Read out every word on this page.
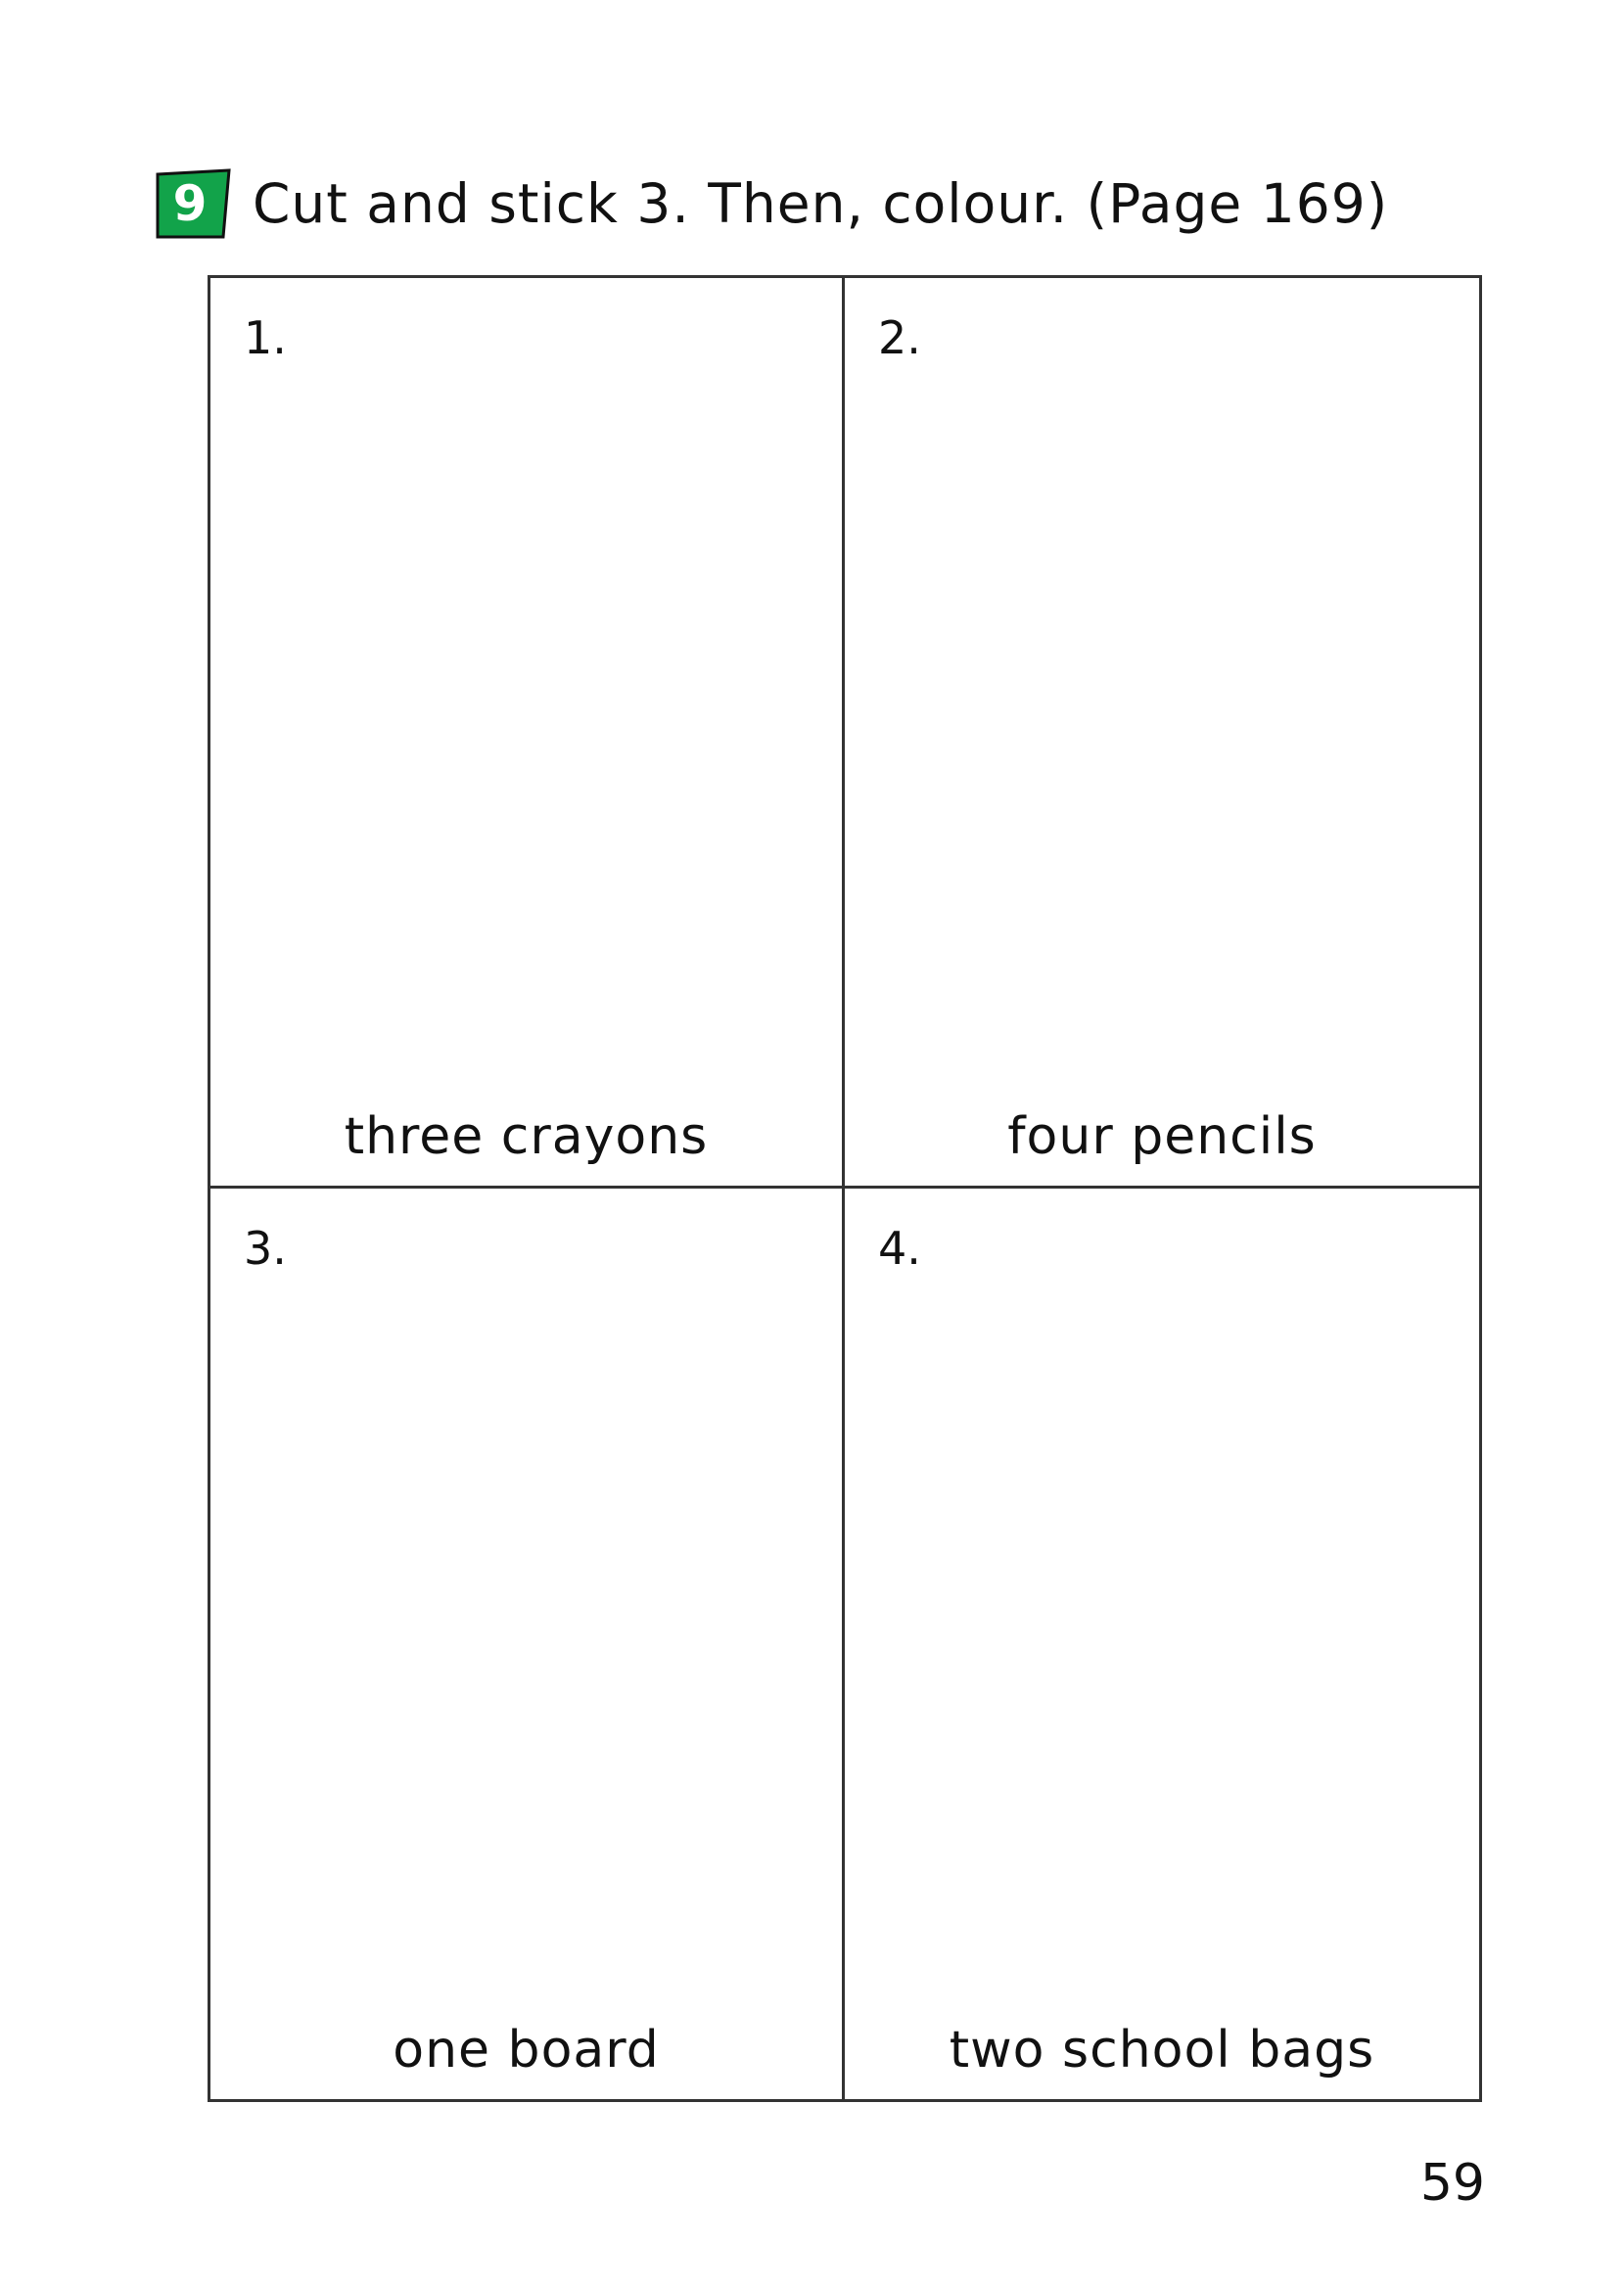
9 Cut and stick 3. Then, colour. (Page 169)
1.
three crayons
2.
four pencils
3.
one board
4.
two school bags
59
